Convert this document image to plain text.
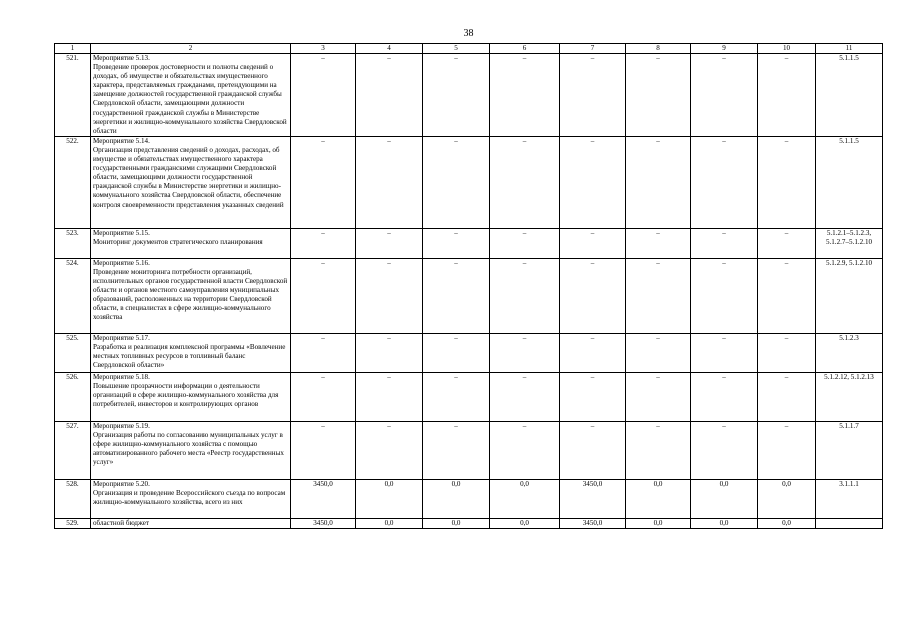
38
1	2	3	4	5	6	7	8	9	10	11
521.	Мероприятие 5.13.
Проведение проверок достоверности и полноты сведений о доходах, об имуществе и обязательствах имущественного характера, представляемых гражданами, претендующими на замещение должностей государственной гражданской службы Свердловской области, замещающими должности государственной гражданской службы в Министерстве энергетики и жилищно-коммунального хозяйства Свердловской области	–	–	–	–	–	–	–	–	5.1.1.5
522.	Мероприятие 5.14.
Организация представления сведений о доходах, расходах, об имуществе и обязательствах имущественного характера государственными гражданскими служащими Свердловской области, замещающими должности государственной гражданской службы в Министерстве энергетики и жилищно-коммунального хозяйства Свердловской области, обеспечение контроля своевременности представления указанных сведений	–	–	–	–	–	–	–	–	5.1.1.5
523.	Мероприятие 5.15.
Мониторинг документов стратегического планирования	–	–	–	–	–	–	–	–	5.1.2.1–5.1.2.3, 5.1.2.7–5.1.2.10
524.	Мероприятие 5.16.
Проведение мониторинга потребности организаций, исполнительных органов государственной власти Свердловской области и органов местного самоуправления муниципальных образований, расположенных на территории Свердловской области, в специалистах в сфере жилищно-коммунального хозяйства	–	–	–	–	–	–	–	–	5.1.2.9, 5.1.2.10
525.	Мероприятие 5.17.
Разработка и реализация комплексной программы «Вовлечение местных топливных ресурсов в топливный баланс Свердловской области»	–	–	–	–	–	–	–	–	5.1.2.3
526.	Мероприятие 5.18.
Повышение прозрачности информации о деятельности организаций в сфере жилищно-коммунального хозяйства для потребителей, инвесторов и контролирующих органов	–	–	–	–	–	–	–	–	5.1.2.12, 5.1.2.13
527.	Мероприятие 5.19.
Организация работы по согласованию муниципальных услуг в сфере жилищно-коммунального хозяйства с помощью автоматизированного рабочего места «Реестр государственных услуг»	–	–	–	–	–	–	–	–	5.1.1.7
528.	Мероприятие 5.20.
Организация и проведение Всероссийского съезда по вопросам жилищно-коммунального хозяйства, всего из них	3450,0	0,0	0,0	0,0	3450,0	0,0	0,0	0,0	3.1.1.1
529.	областной бюджет	3450,0	0,0	0,0	0,0	3450,0	0,0	0,0	0,0	
